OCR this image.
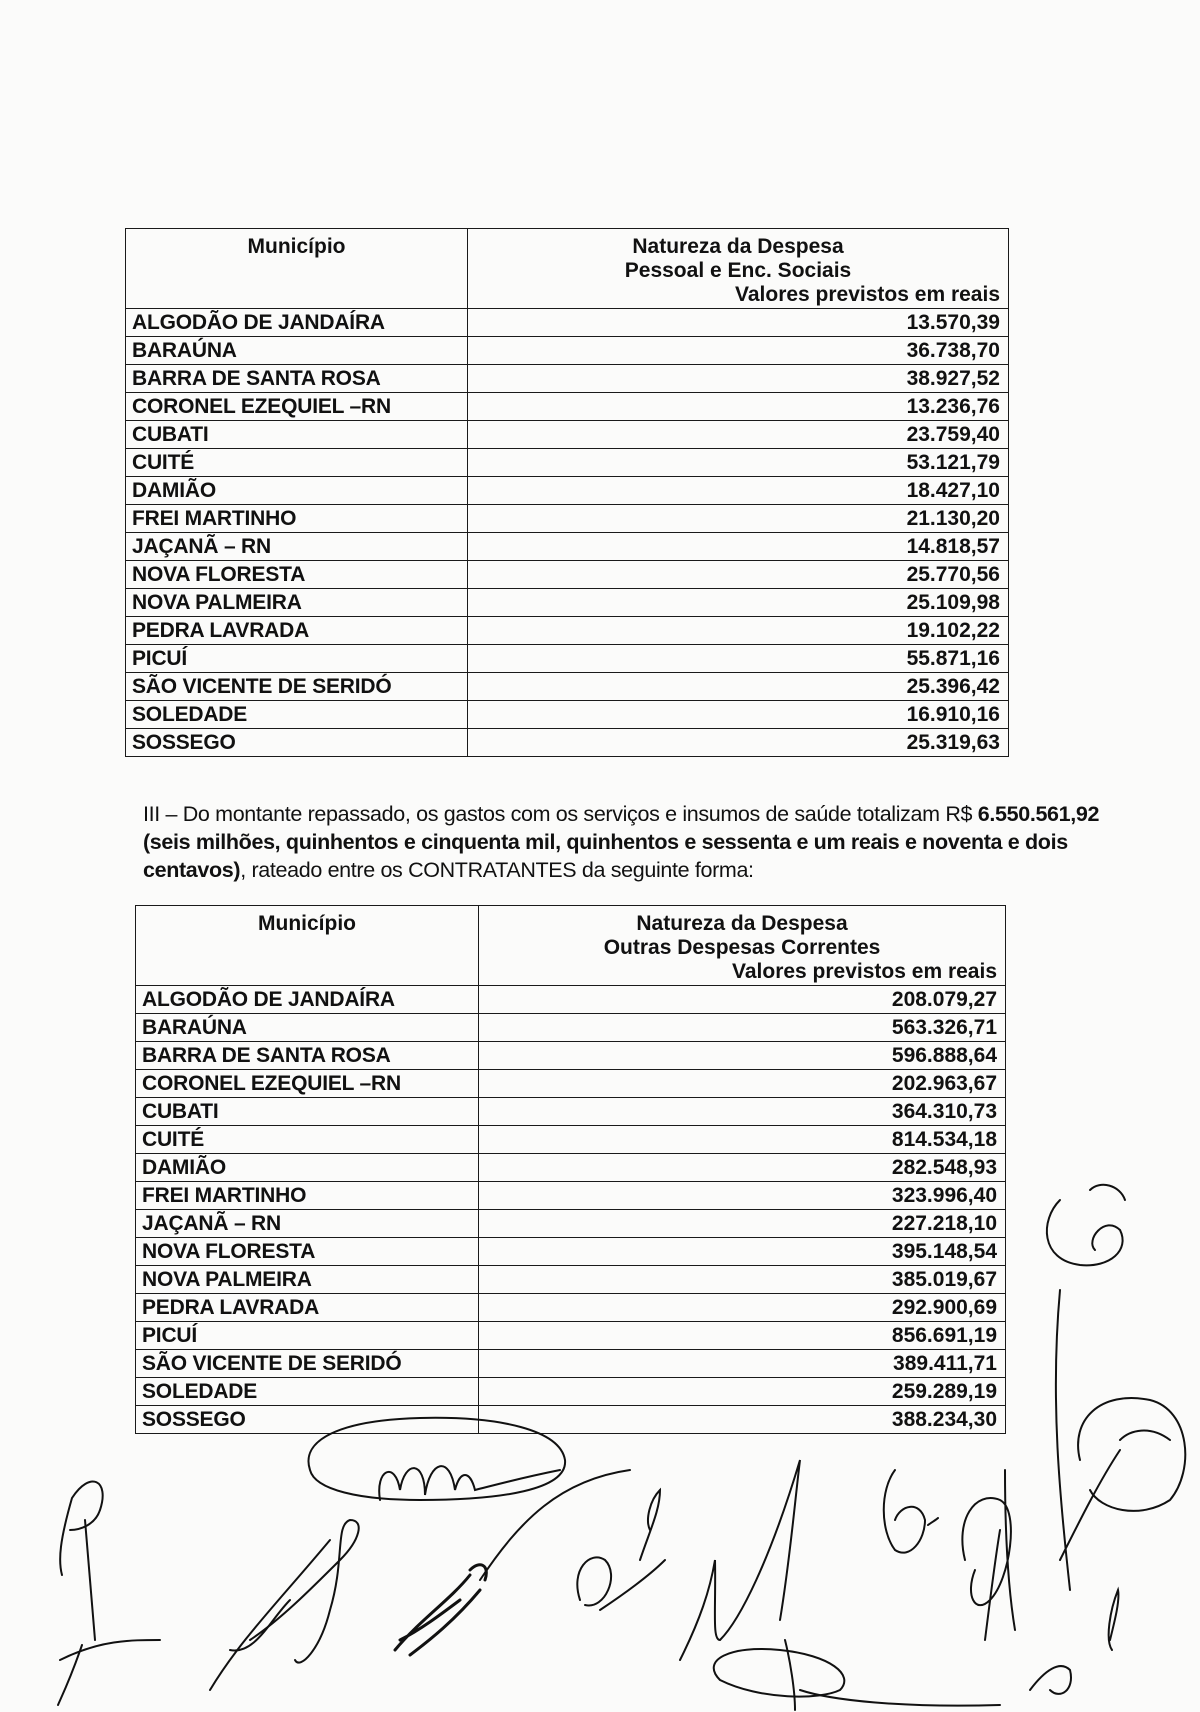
Município	Natureza da Despesa
Pessoal e Enc. Sociais
Valores previstos em reais

ALGODÃO DE JANDAÍRA	13.570,39
BARAÚNA	36.738,70
BARRA DE SANTA ROSA	38.927,52
CORONEL EZEQUIEL –RN	13.236,76
CUBATI	23.759,40
CUITÉ	53.121,79
DAMIÃO	18.427,10
FREI MARTINHO	21.130,20
JAÇANÃ – RN	14.818,57
NOVA FLORESTA	25.770,56
NOVA PALMEIRA	25.109,98
PEDRA LAVRADA	19.102,22
PICUÍ	55.871,16
SÃO VICENTE DE SERIDÓ	25.396,42
SOLEDADE	16.910,16
SOSSEGO	25.319,63

III – Do montante repassado, os gastos com os serviços e insumos de saúde totalizam R$ 6.550.561,92 (seis milhões, quinhentos e cinquenta mil, quinhentos e sessenta e um reais e noventa e dois centavos), rateado entre os CONTRATANTES da seguinte forma:

Município	Natureza da Despesa
Outras Despesas Correntes
Valores previstos em reais

ALGODÃO DE JANDAÍRA	208.079,27
BARAÚNA	563.326,71
BARRA DE SANTA ROSA	596.888,64
CORONEL EZEQUIEL –RN	202.963,67
CUBATI	364.310,73
CUITÉ	814.534,18
DAMIÃO	282.548,93
FREI MARTINHO	323.996,40
JAÇANÃ – RN	227.218,10
NOVA FLORESTA	395.148,54
NOVA PALMEIRA	385.019,67
PEDRA LAVRADA	292.900,69
PICUÍ	856.691,19
SÃO VICENTE DE SERIDÓ	389.411,71
SOLEDADE	259.289,19
SOSSEGO	388.234,30
